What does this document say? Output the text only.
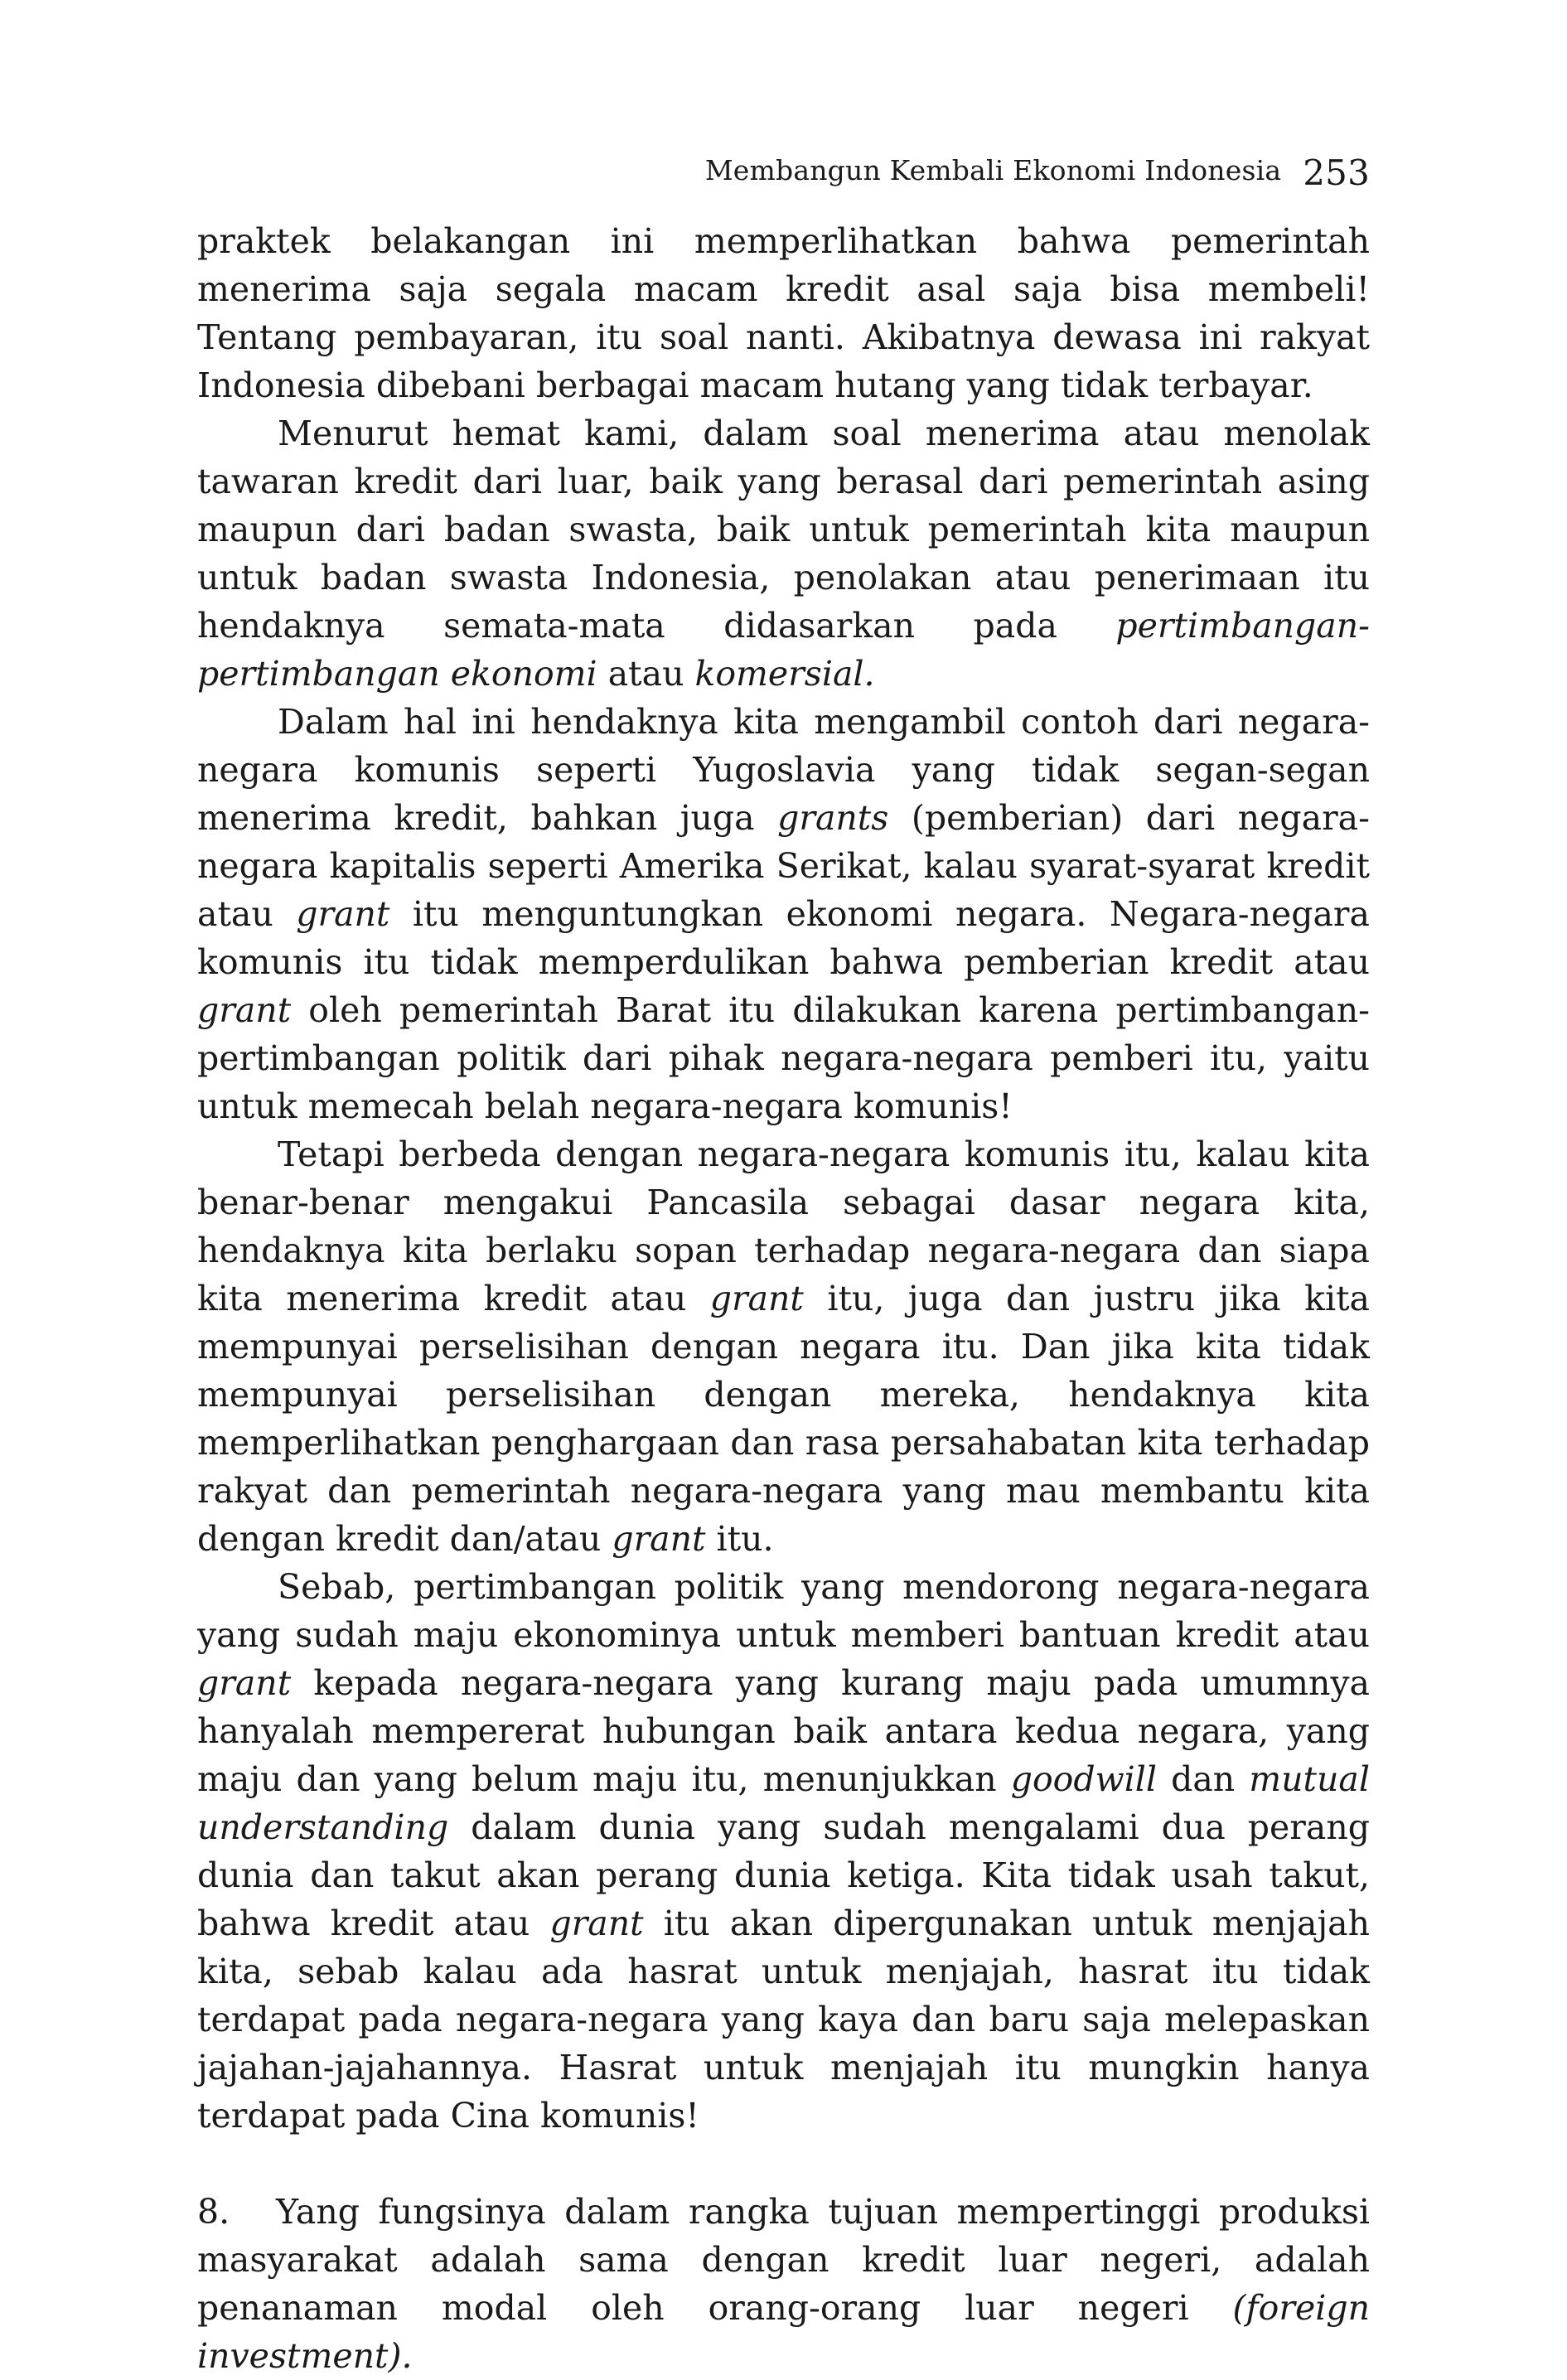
Membangun Kembali Ekonomi Indonesia 253

praktek belakangan ini memperlihatkan bahwa pemerintah menerima saja segala macam kredit asal saja bisa membeli! Tentang pembayaran, itu soal nanti. Akibatnya dewasa ini rakyat Indonesia dibebani berbagai macam hutang yang tidak terbayar.

Menurut hemat kami, dalam soal menerima atau menolak tawaran kredit dari luar, baik yang berasal dari pemerintah asing maupun dari badan swasta, baik untuk pemerintah kita maupun untuk badan swasta Indonesia, penolakan atau penerimaan itu hendaknya semata-mata didasarkan pada pertimbangan-pertimbangan ekonomi atau komersial.

Dalam hal ini hendaknya kita mengambil contoh dari negara-negara komunis seperti Yugoslavia yang tidak segan-segan menerima kredit, bahkan juga grants (pemberian) dari negara-negara kapitalis seperti Amerika Serikat, kalau syarat-syarat kredit atau grant itu menguntungkan ekonomi negara. Negara-negara komunis itu tidak memperdulikan bahwa pemberian kredit atau grant oleh pemerintah Barat itu dilakukan karena pertimbangan-pertimbangan politik dari pihak negara-negara pemberi itu, yaitu untuk memecah belah negara-negara komunis!

Tetapi berbeda dengan negara-negara komunis itu, kalau kita benar-benar mengakui Pancasila sebagai dasar negara kita, hendaknya kita berlaku sopan terhadap negara-negara dan siapa kita menerima kredit atau grant itu, juga dan justru jika kita mempunyai perselisihan dengan negara itu. Dan jika kita tidak mempunyai perselisihan dengan mereka, hendaknya kita memperlihatkan penghargaan dan rasa persahabatan kita terhadap rakyat dan pemerintah negara-negara yang mau membantu kita dengan kredit dan/atau grant itu.

Sebab, pertimbangan politik yang mendorong negara-negara yang sudah maju ekonominya untuk memberi bantuan kredit atau grant kepada negara-negara yang kurang maju pada umumnya hanyalah mempererat hubungan baik antara kedua negara, yang maju dan yang belum maju itu, menunjukkan goodwill dan mutual understanding dalam dunia yang sudah mengalami dua perang dunia dan takut akan perang dunia ketiga. Kita tidak usah takut, bahwa kredit atau grant itu akan dipergunakan untuk menjajah kita, sebab kalau ada hasrat untuk menjajah, hasrat itu tidak terdapat pada negara-negara yang kaya dan baru saja melepaskan jajahan-jajahannya. Hasrat untuk menjajah itu mungkin hanya terdapat pada Cina komunis!

8. Yang fungsinya dalam rangka tujuan mempertinggi produksi masyarakat adalah sama dengan kredit luar negeri, adalah penanaman modal oleh orang-orang luar negeri (foreign investment).
